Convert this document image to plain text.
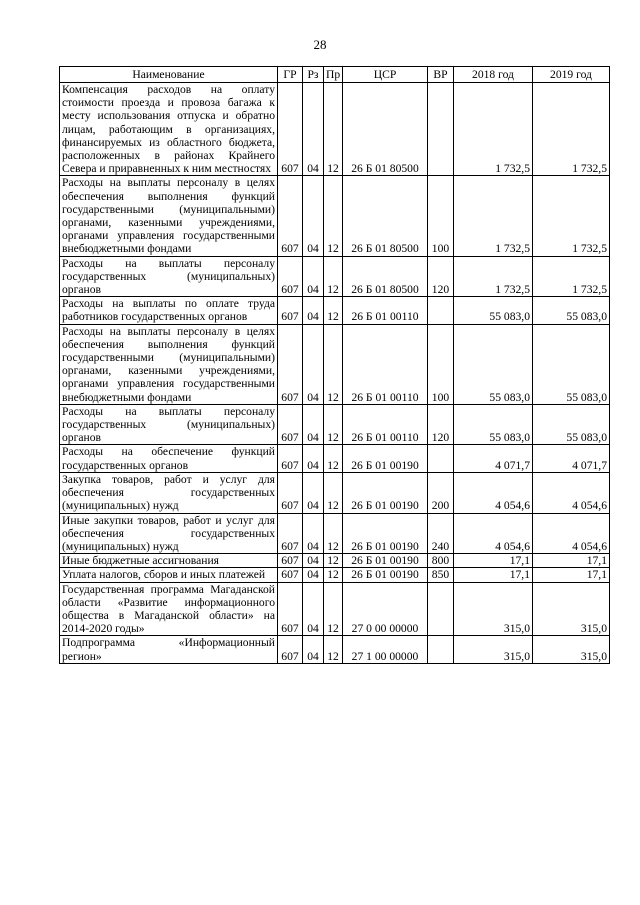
28
Наименование	ГР	Рз	Пр	ЦСР	ВР	2018 год	2019 год
Компенсация расходов на оплату стоимости проезда и провоза багажа к месту использования отпуска и обратно лицам, работающим в организациях, финансируемых из областного бюджета, расположенных в районах Крайнего Севера и приравненных к ним местностях	607	04	12	26 Б 01 80500		1 732,5	1 732,5
Расходы на выплаты персоналу в целях обеспечения выполнения функций государственными (муниципальными) органами, казенными учреждениями, органами управления государственными внебюджетными фондами	607	04	12	26 Б 01 80500	100	1 732,5	1 732,5
Расходы на выплаты персоналу государственных (муниципальных) органов	607	04	12	26 Б 01 80500	120	1 732,5	1 732,5
Расходы на выплаты по оплате труда работников государственных органов	607	04	12	26 Б 01 00110		55 083,0	55 083,0
Расходы на выплаты персоналу в целях обеспечения выполнения функций государственными (муниципальными) органами, казенными учреждениями, органами управления государственными внебюджетными фондами	607	04	12	26 Б 01 00110	100	55 083,0	55 083,0
Расходы на выплаты персоналу государственных (муниципальных) органов	607	04	12	26 Б 01 00110	120	55 083,0	55 083,0
Расходы на обеспечение функций государственных органов	607	04	12	26 Б 01 00190		4 071,7	4 071,7
Закупка товаров, работ и услуг для обеспечения государственных (муниципальных) нужд	607	04	12	26 Б 01 00190	200	4 054,6	4 054,6
Иные закупки товаров, работ и услуг для обеспечения государственных (муниципальных) нужд	607	04	12	26 Б 01 00190	240	4 054,6	4 054,6
Иные бюджетные ассигнования	607	04	12	26 Б 01 00190	800	17,1	17,1
Уплата налогов, сборов и иных платежей	607	04	12	26 Б 01 00190	850	17,1	17,1
Государственная программа Магаданской области «Развитие информационного общества в Магаданской области» на 2014-2020 годы»	607	04	12	27 0 00 00000		315,0	315,0
Подпрограмма «Информационный регион»	607	04	12	27 1 00 00000		315,0	315,0
